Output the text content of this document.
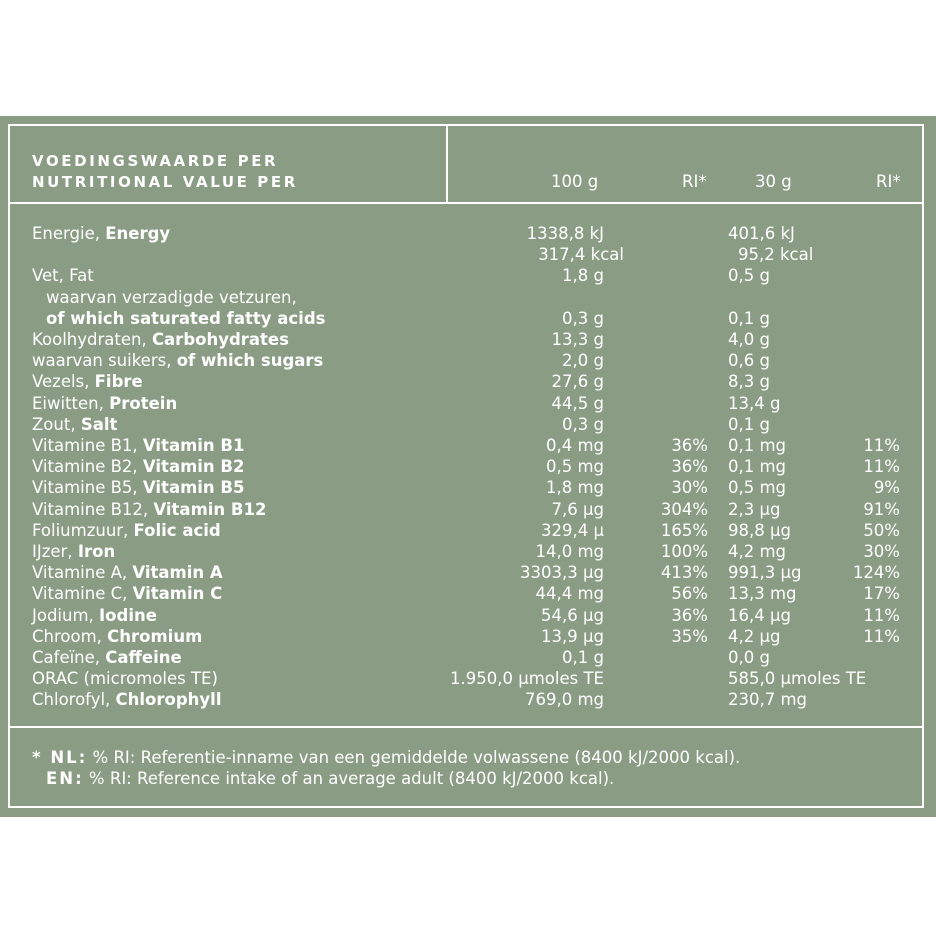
VOEDINGSWAARDE PER
NUTRITIONAL VALUE PER	100 g	RI*	30 g	RI*
Energie, Energy	1338,8 kJ	401,6 kJ
317,4 kcal	95,2 kcal
Vet, Fat	1,8 g	0,5 g
waarvan verzadigde vetzuren,
of which saturated fatty acids	0,3 g	0,1 g
Koolhydraten, Carbohydrates	13,3 g	4,0 g
waarvan suikers, of which sugars	2,0 g	0,6 g
Vezels, Fibre	27,6 g	8,3 g
Eiwitten, Protein	44,5 g	13,4 g
Zout, Salt	0,3 g	0,1 g
Vitamine B1, Vitamin B1	0,4 mg	36% 0,1 mg	11%
Vitamine B2, Vitamin B2	0,5 mg	36% 0,1 mg	11%
Vitamine B5, Vitamin B5	1,8 mg	30% 0,5 mg	9%
Vitamine B12, Vitamin B12	7,6 µg	304% 2,3 µg	91%
Foliumzuur, Folic acid	329,4 µ	165% 98,8 µg	50%
IJzer, Iron	14,0 mg	100% 4,2 mg	30%
Vitamine A, Vitamin A	3303,3 µg	413% 991,3 µg	124%
Vitamine C, Vitamin C	44,4 mg	56% 13,3 mg	17%
Jodium, Iodine	54,6 µg	36% 16,4 µg	11%
Chroom, Chromium	13,9 µg	35% 4,2 µg	11%
Cafeïne, Caffeine	0,1 g	0,0 g
ORAC (micromoles TE)	1.950,0 µmoles TE	585,0 µmoles TE
Chlorofyl, Chlorophyll	769,0 mg	230,7 mg
* NL: % RI: Referentie-inname van een gemiddelde volwassene (8400 kJ/2000 kcal).
EN: % RI: Reference intake of an average adult (8400 kJ/2000 kcal).
